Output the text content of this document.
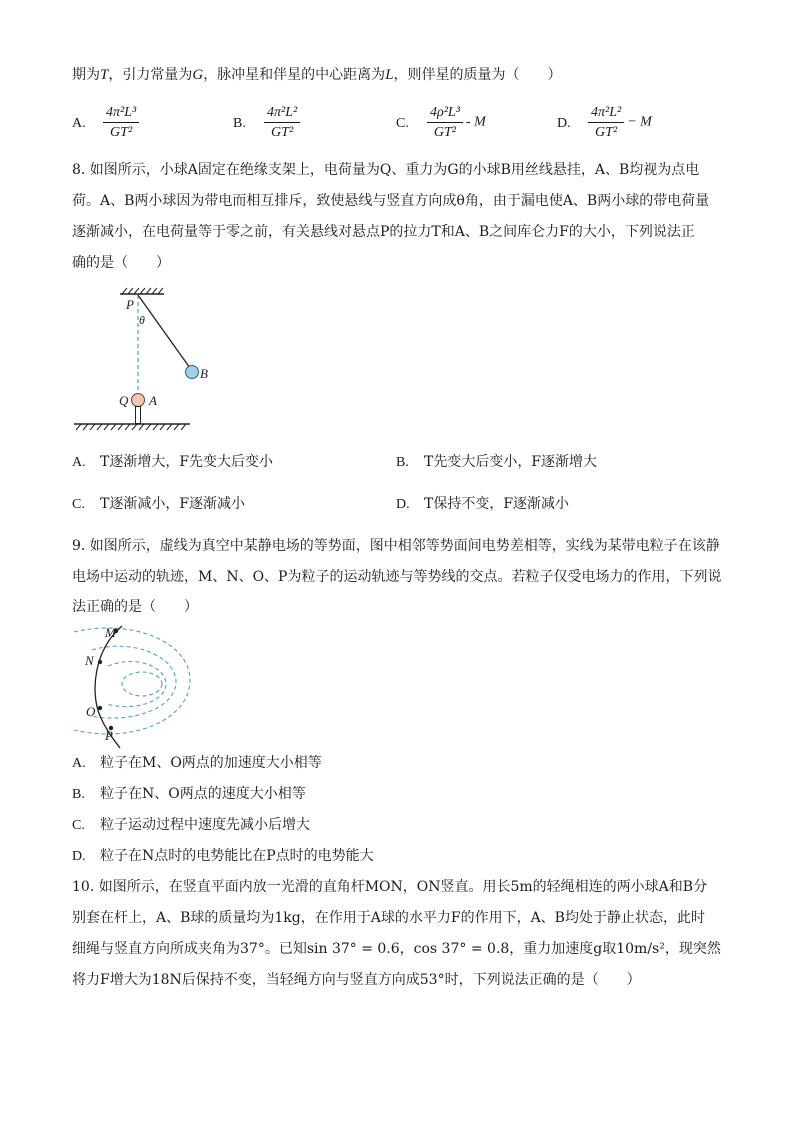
期为T，引力常量为G，脉冲星和伴星的中心距离为L，则伴星的质量为（　　）
A. $\frac{\text{4π²L³}}{\text{GT²}}$	B. $\frac{\text{4π²L²}}{\text{GT²}}$	C. $\frac{\text{4ρ²L³}}{\text{GT²}}$ - M	D. $\frac{\text{4π²L²}}{\text{GT²}} - M$
8. 如图所示，小球A固定在绝缘支架上，电荷量为Q、重力为G的小球B用丝线悬挂，A、B均视为点电
荷。A、B两小球因为带电而相互排斥，致使悬线与竖直方向成θ角，由于漏电使A、B两小球的带电荷量
逐渐减小，在电荷量等于零之前，有关悬线对悬点P的拉力T和A、B之间库仑力F的大小，下列说法正
确的是（　　）
P
θ
B
Q A
A. T逐渐增大，F先变大后变小	B. T先变大后变小，F逐渐增大
C. T逐渐减小，F逐渐减小	D. T保持不变，F逐渐减小
9. 如图所示，虚线为真空中某静电场的等势面，图中相邻等势面间电势差相等，实线为某带电粒子在该静
电场中运动的轨迹，M、N、O、P为粒子的运动轨迹与等势线的交点。若粒子仅受电场力的作用，下列说
法正确的是（　　）
M
N
O
P
A. 粒子在M、O两点的加速度大小相等
B. 粒子在N、O两点的速度大小相等
C. 粒子运动过程中速度先减小后增大
D. 粒子在N点时的电势能比在P点时的电势能大
10. 如图所示，在竖直平面内放一光滑的直角杆MON，ON竖直。用长5m的轻绳相连的两小球A和B分
别套在杆上，A、B球的质量均为1kg，在作用于A球的水平力F的作用下，A、B均处于静止状态，此时
细绳与竖直方向所成夹角为37°。已知sin 37° = 0.6，cos 37° = 0.8，重力加速度g取10m/s²，现突然
将力F增大为18N后保持不变，当轻绳方向与竖直方向成53°时，下列说法正确的是（　　）
